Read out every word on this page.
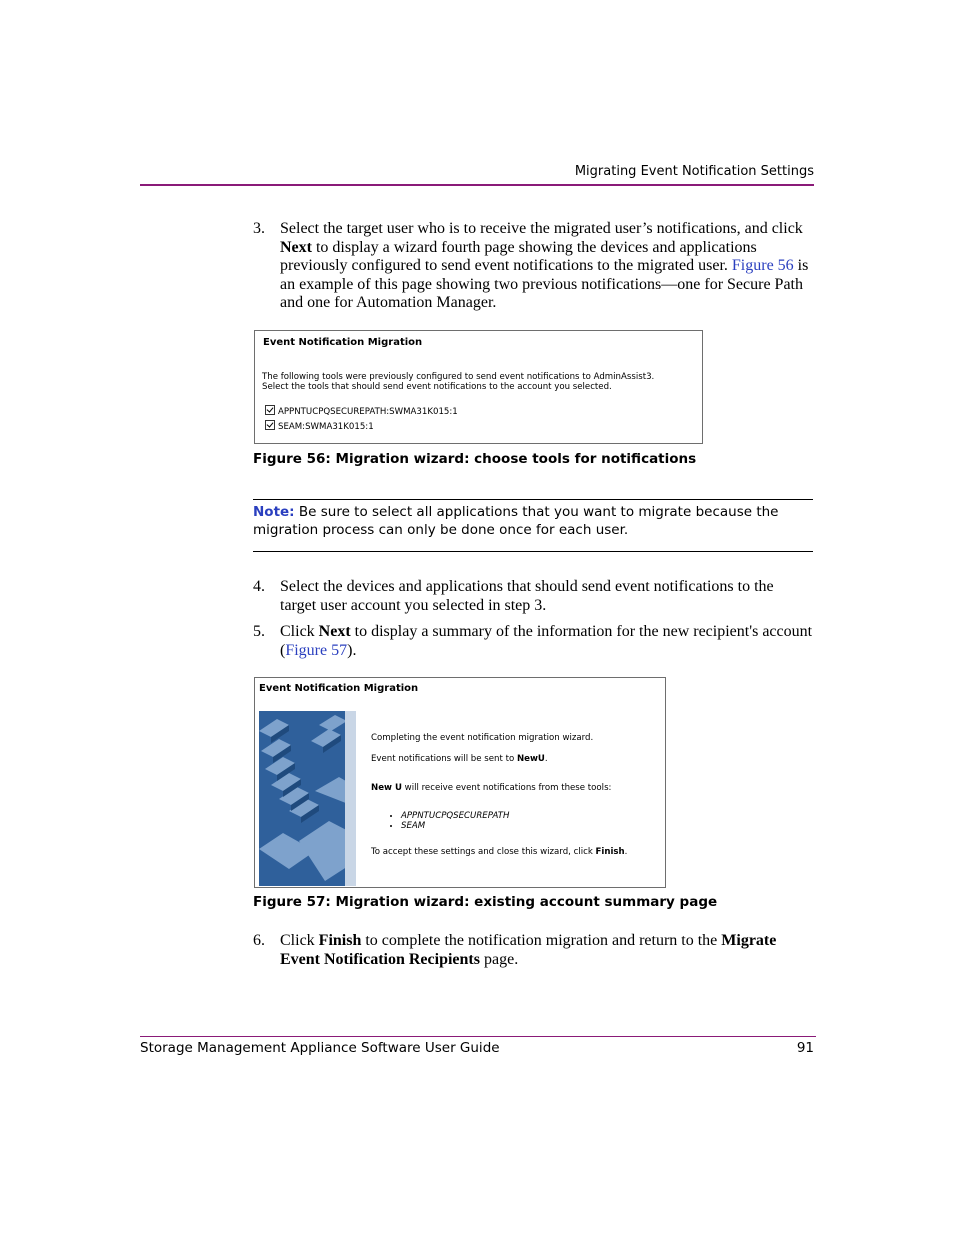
Migrating Event Notification Settings
3. Select the target user who is to receive the migrated user’s notifications, and click Next to display a wizard fourth page showing the devices and applications previously configured to send event notifications to the migrated user. Figure 56 is an example of this page showing two previous notifications—one for Secure Path and one for Automation Manager.
Event Notification Migration
The following tools were previously configured to send event notifications to AdminAssist3.
Select the tools that should send event notifications to the account you selected.
APPNTUCPQSECUREPATH:SWMA31K015:1
SEAM:SWMA31K015:1
Figure 56: Migration wizard: choose tools for notifications
Note: Be sure to select all applications that you want to migrate because the migration process can only be done once for each user.
4. Select the devices and applications that should send event notifications to the target user account you selected in step 3.
5. Click Next to display a summary of the information for the new recipient's account (Figure 57).
Event Notification Migration
Completing the event notification migration wizard.
Event notifications will be sent to NewU.
New U will receive event notifications from these tools:
• APPNTUCPQSECUREPATH
• SEAM
To accept these settings and close this wizard, click Finish.
Figure 57: Migration wizard: existing account summary page
6. Click Finish to complete the notification migration and return to the Migrate Event Notification Recipients page.
Storage Management Appliance Software User Guide	91
